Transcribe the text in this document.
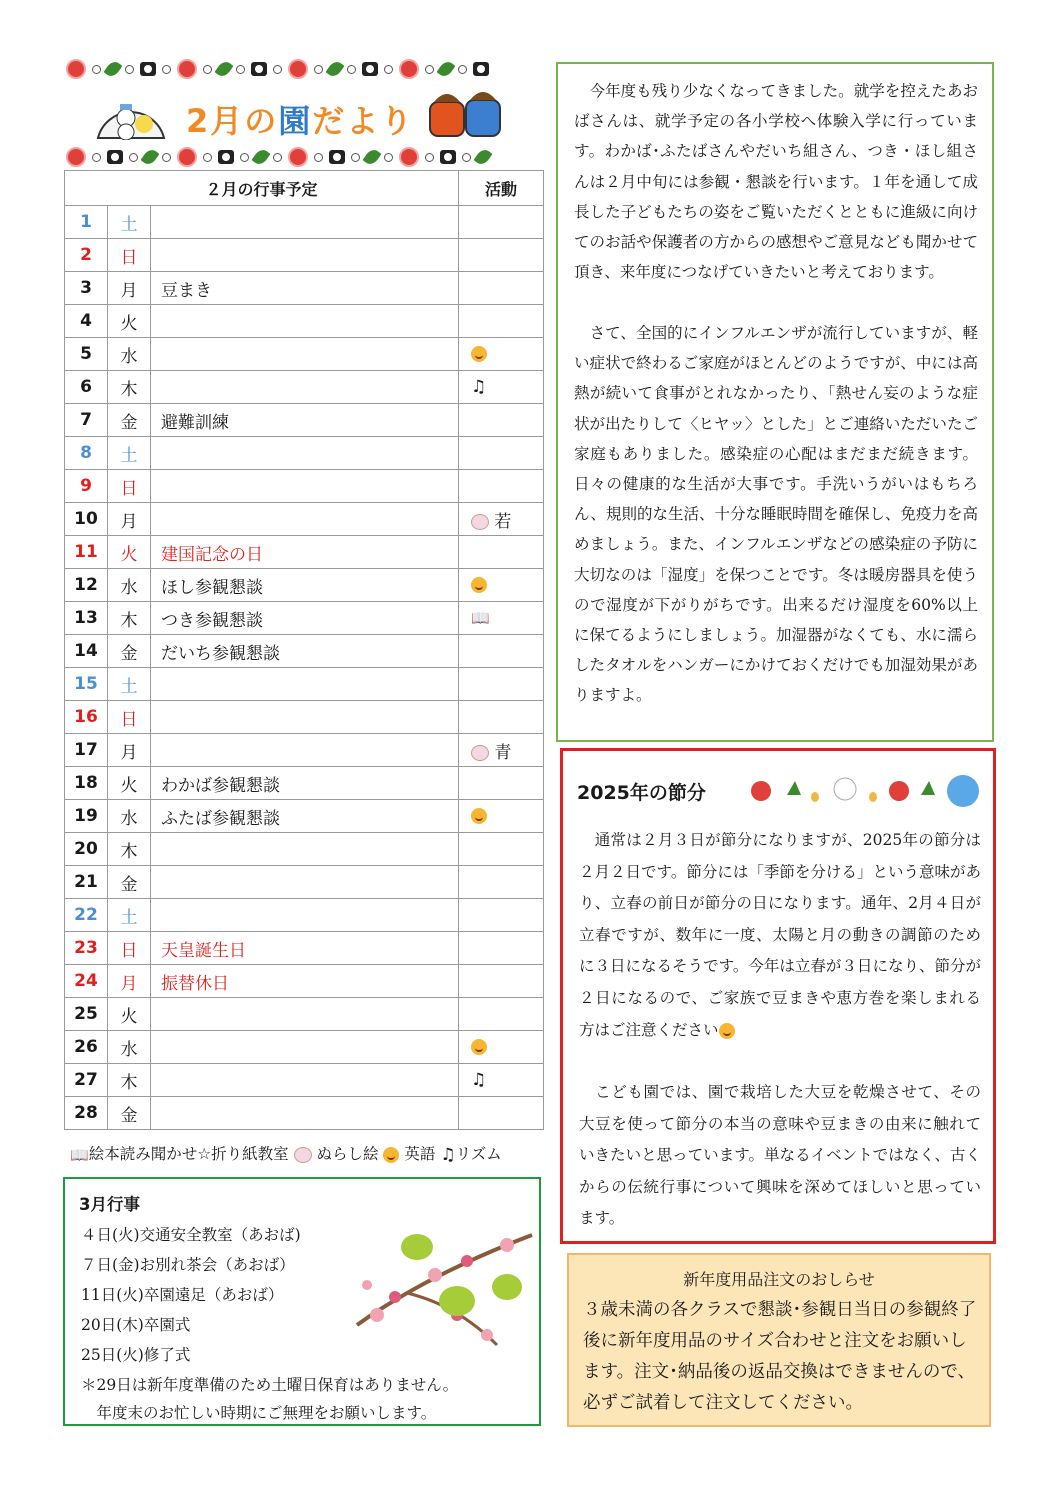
2月の園だより
２月の行事予定			活動
1	土		
2	日		
3	月	豆まき	
4	火		
5	水		
6	木		♫
7	金	避難訓練	
8	土		
9	日		
10	月		若
11	火	建国記念の日	
12	水	ほし参観懇談	
13	木	つき参観懇談	📖
14	金	だいち参観懇談	
15	土		
16	日		
17	月		青
18	火	わかば参観懇談	
19	水	ふたば参観懇談	
20	木		
21	金		
22	土		
23	日	天皇誕生日	
24	月	振替休日	
25	火		
26	水		
27	木		♫
28	金		
📖絵本読み聞かせ☆折り紙教室 ぬらし絵 英語 ♫リズム
3月行事
４日(火)交通安全教室（あおば)
７日(金)お別れ茶会（あおば）
11日(火)卒園遠足（あおば）
20日(木)卒園式
25日(火)修了式
＊29日は新年度準備のため土曜日保育はありません。
　年度末のお忙しい時期にご無理をお願いします。

　今年度も残り少なくなってきました。就学を控えたあおばさんは、就学予定の各小学校へ体験入学に行っています。わかば･ふたばさんやだいち組さん、つき・ほし組さんは２月中旬には参観・懇談を行います。１年を通して成長した子どもたちの姿をご覧いただくとともに進級に向けてのお話や保護者の方からの感想やご意見なども聞かせて頂き、来年度につなげていきたいと考えております。

　さて、全国的にインフルエンザが流行していますが、軽い症状で終わるご家庭がほとんどのようですが、中には高熱が続いて食事がとれなかったり、「熱せん妄のような症状が出たりして〈ヒヤッ〉とした」とご連絡いただいたご家庭もありました。感染症の心配はまだまだ続きます。日々の健康的な生活が大事です。手洗いうがいはもちろん、規則的な生活、十分な睡眠時間を確保し、免疫力を高めましょう。また、インフルエンザなどの感染症の予防に大切なのは「湿度」を保つことです。冬は暖房器具を使うので湿度が下がりがちです。出来るだけ湿度を60%以上に保てるようにしましょう。加湿器がなくても、水に濡らしたタオルをハンガーにかけておくだけでも加湿効果がありますよ。

2025年の節分

　通常は２月３日が節分になりますが、2025年の節分は２月２日です。節分には「季節を分ける」という意味があり、立春の前日が節分の日になります。通年、2月４日が立春ですが、数年に一度、太陽と月の動きの調節のために３日になるそうです。今年は立春が３日になり、節分が２日になるので、ご家族で豆まきや恵方巻を楽しまれる方はご注意ください

　こども園では、園で栽培した大豆を乾燥させて、その大豆を使って節分の本当の意味や豆まきの由来に触れていきたいと思っています。単なるイベントではなく、古くからの伝統行事について興味を深めてほしいと思っています。

新年度用品注文のおしらせ
３歳未満の各クラスで懇談･参観日当日の参観終了後に新年度用品のサイズ合わせと注文をお願いします。注文･納品後の返品交換はできませんので、必ずご試着して注文してください。
